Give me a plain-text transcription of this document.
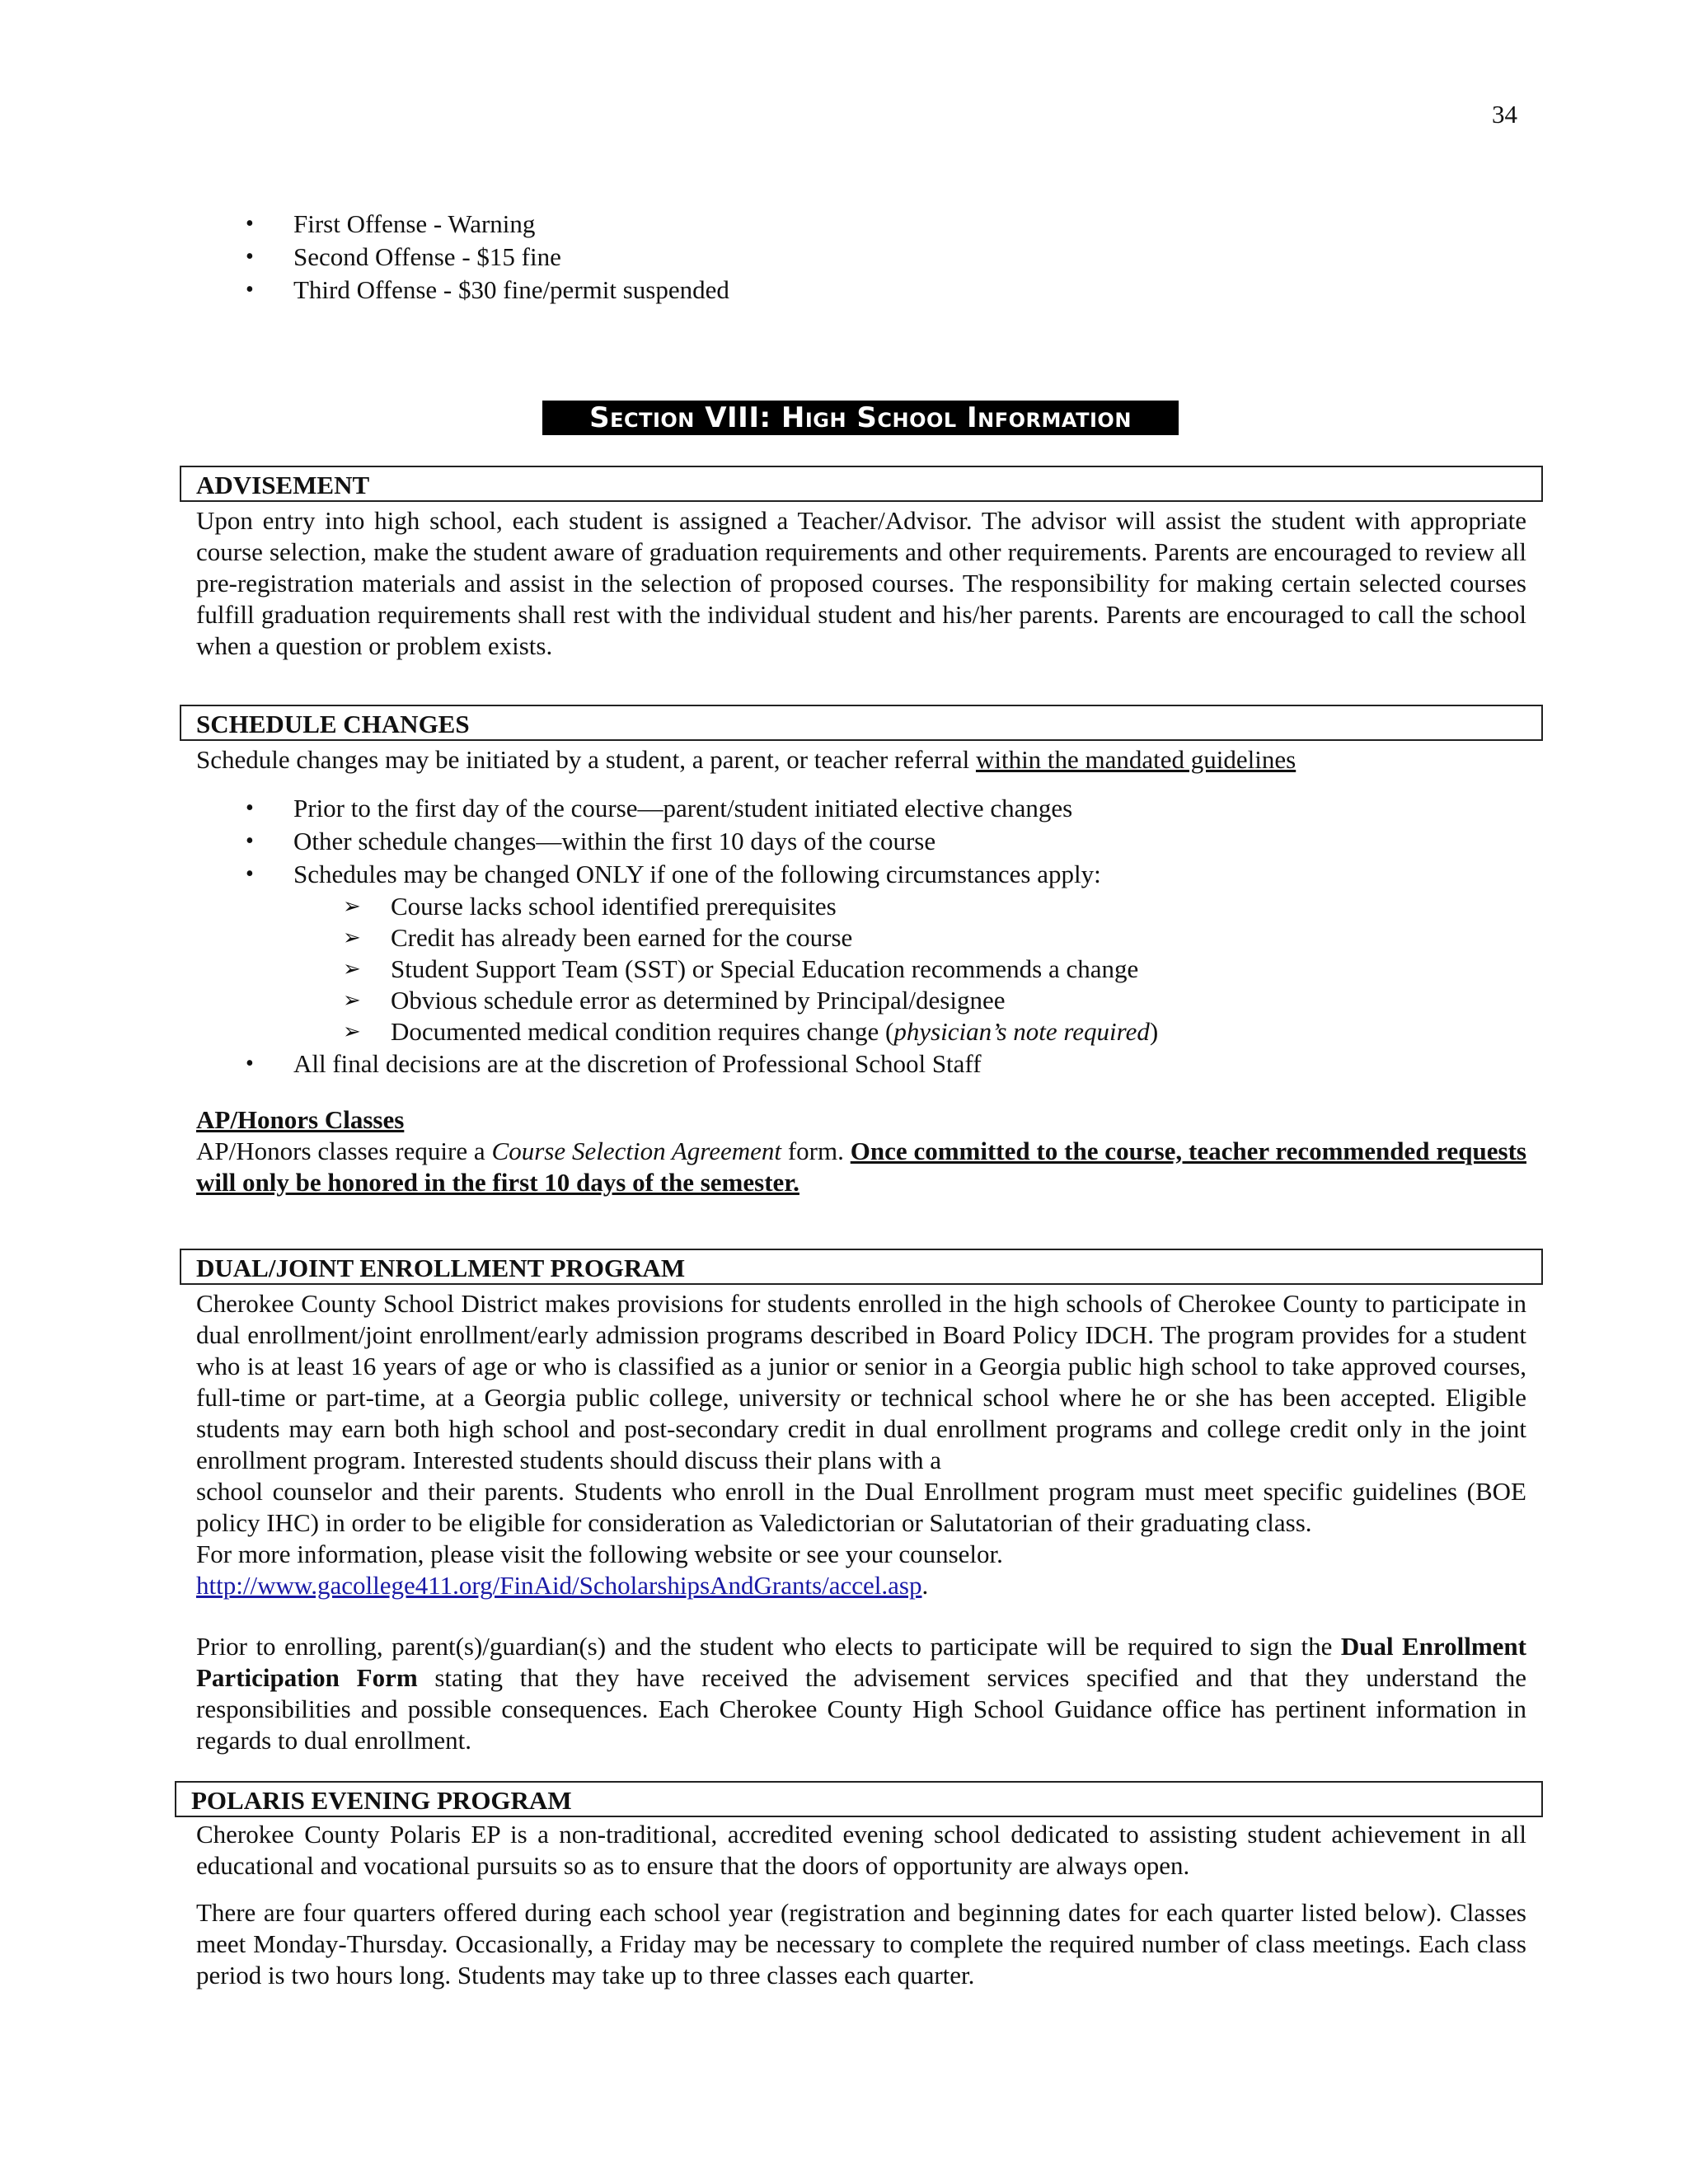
34
• First Offense - Warning
• Second Offense - $15 fine
• Third Offense - $30 fine/permit suspended
Section VIII: High School Information
ADVISEMENT

Upon entry into high school, each student is assigned a Teacher/Advisor. The advisor will assist the student with appropriate course selection, make the student aware of graduation requirements and other requirements. Parents are encouraged to review all pre-registration materials and assist in the selection of proposed courses. The responsibility for making certain selected courses fulfill graduation requirements shall rest with the individual student and his/her parents. Parents are encouraged to call the school when a question or problem exists.

SCHEDULE CHANGES

Schedule changes may be initiated by a student, a parent, or teacher referral within the mandated guidelines

• Prior to the first day of the course—parent/student initiated elective changes
• Other schedule changes—within the first 10 days of the course
• Schedules may be changed ONLY if one of the following circumstances apply:
➢ Course lacks school identified prerequisites
➢ Credit has already been earned for the course
➢ Student Support Team (SST) or Special Education recommends a change
➢ Obvious schedule error as determined by Principal/designee
➢ Documented medical condition requires change (physician’s note required)
• All final decisions are at the discretion of Professional School Staff
AP/Honors Classes

AP/Honors classes require a Course Selection Agreement form. Once committed to the course, teacher recommended requests will only be honored in the first 10 days of the semester.

DUAL/JOINT ENROLLMENT PROGRAM

Cherokee County School District makes provisions for students enrolled in the high schools of Cherokee County to participate in dual enrollment/joint enrollment/early admission programs described in Board Policy IDCH. The program provides for a student who is at least 16 years of age or who is classified as a junior or senior in a Georgia public high school to take approved courses, full-time or part-time, at a Georgia public college, university or technical school where he or she has been accepted. Eligible students may earn both high school and post-secondary credit in dual enrollment programs and college credit only in the joint enrollment program. Interested students should discuss their plans with a
school counselor and their parents. Students who enroll in the Dual Enrollment program must meet specific guidelines (BOE policy IHC) in order to be eligible for consideration as Valedictorian or Salutatorian of their graduating class.
For more information, please visit the following website or see your counselor.
http://www.gacollege411.org/FinAid/ScholarshipsAndGrants/accel.asp.

Prior to enrolling, parent(s)/guardian(s) and the student who elects to participate will be required to sign the Dual Enrollment Participation Form stating that they have received the advisement services specified and that they understand the responsibilities and possible consequences. Each Cherokee County High School Guidance office has pertinent information in regards to dual enrollment.

POLARIS EVENING PROGRAM

Cherokee County Polaris EP is a non-traditional, accredited evening school dedicated to assisting student achievement in all educational and vocational pursuits so as to ensure that the doors of opportunity are always open.

There are four quarters offered during each school year (registration and beginning dates for each quarter listed below). Classes meet Monday-Thursday. Occasionally, a Friday may be necessary to complete the required number of class meetings. Each class period is two hours long. Students may take up to three classes each quarter.
